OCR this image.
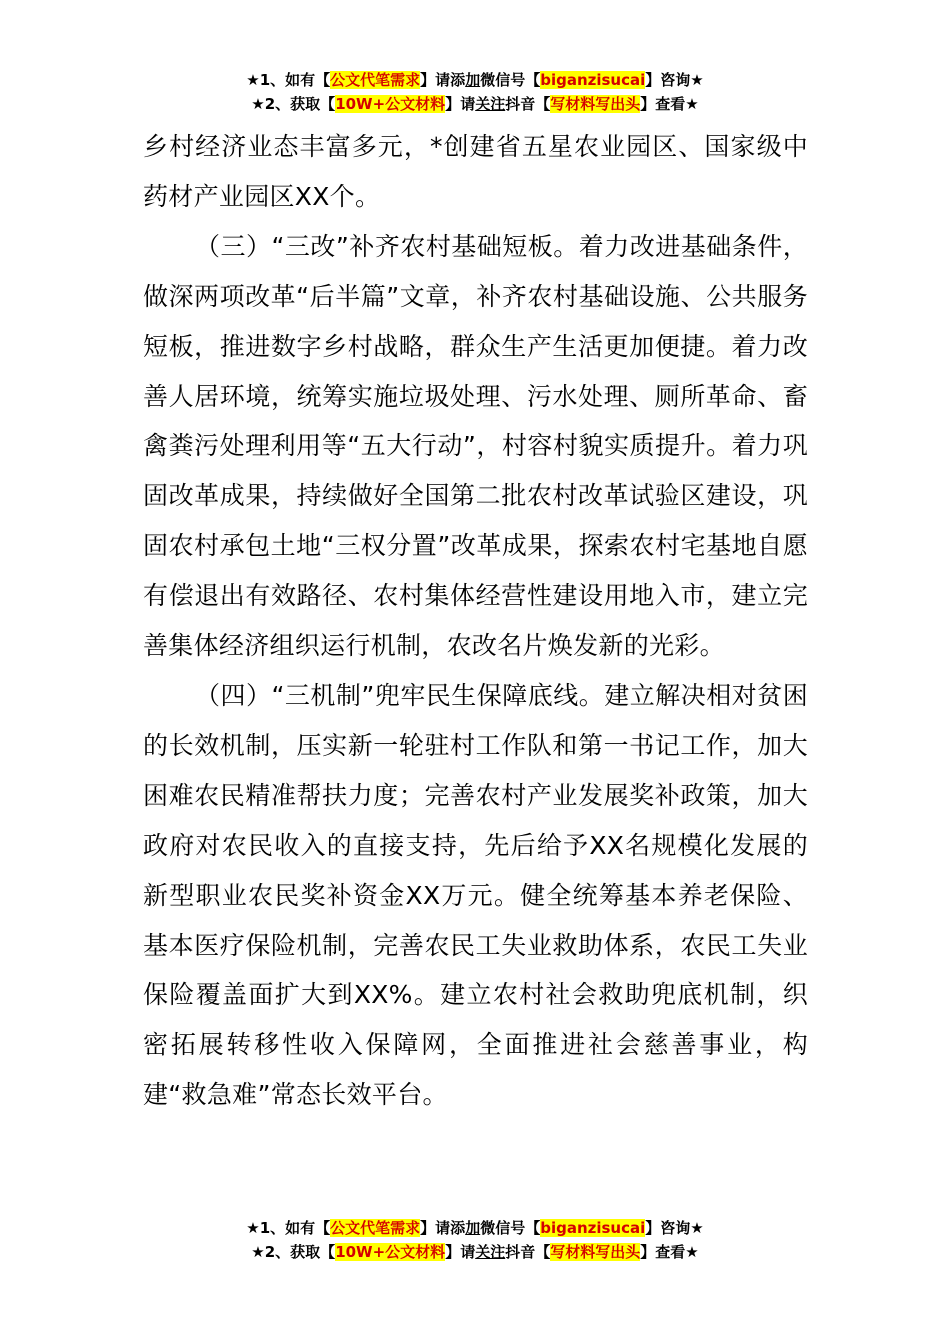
★1、如有【公文代笔需求】请添加微信号【biganzisucai】咨询★
★2、获取【10W+公文材料】请关注抖音【写材料写出头】查看★

乡村经济业态丰富多元，*创建省五星农业园区、国家级中药材产业园区XX个。

（三）“三改”补齐农村基础短板。着力改进基础条件，做深两项改革“后半篇”文章，补齐农村基础设施、公共服务短板，推进数字乡村战略，群众生产生活更加便捷。着力改善人居环境，统筹实施垃圾处理、污水处理、厕所革命、畜禽粪污处理利用等“五大行动”，村容村貌实质提升。着力巩固改革成果，持续做好全国第二批农村改革试验区建设，巩固农村承包土地“三权分置”改革成果，探索农村宅基地自愿有偿退出有效路径、农村集体经营性建设用地入市，建立完善集体经济组织运行机制，农改名片焕发新的光彩。

（四）“三机制”兜牢民生保障底线。建立解决相对贫困的长效机制，压实新一轮驻村工作队和第一书记工作，加大困难农民精准帮扶力度；完善农村产业发展奖补政策，加大政府对农民收入的直接支持，先后给予XX名规模化发展的新型职业农民奖补资金XX万元。健全统筹基本养老保险、基本医疗保险机制，完善农民工失业救助体系，农民工失业保险覆盖面扩大到XX%。建立农村社会救助兜底机制，织密拓展转移性收入保障网，全面推进社会慈善事业，构建“救急难”常态长效平台。

★1、如有【公文代笔需求】请添加微信号【biganzisucai】咨询★
★2、获取【10W+公文材料】请关注抖音【写材料写出头】查看★
